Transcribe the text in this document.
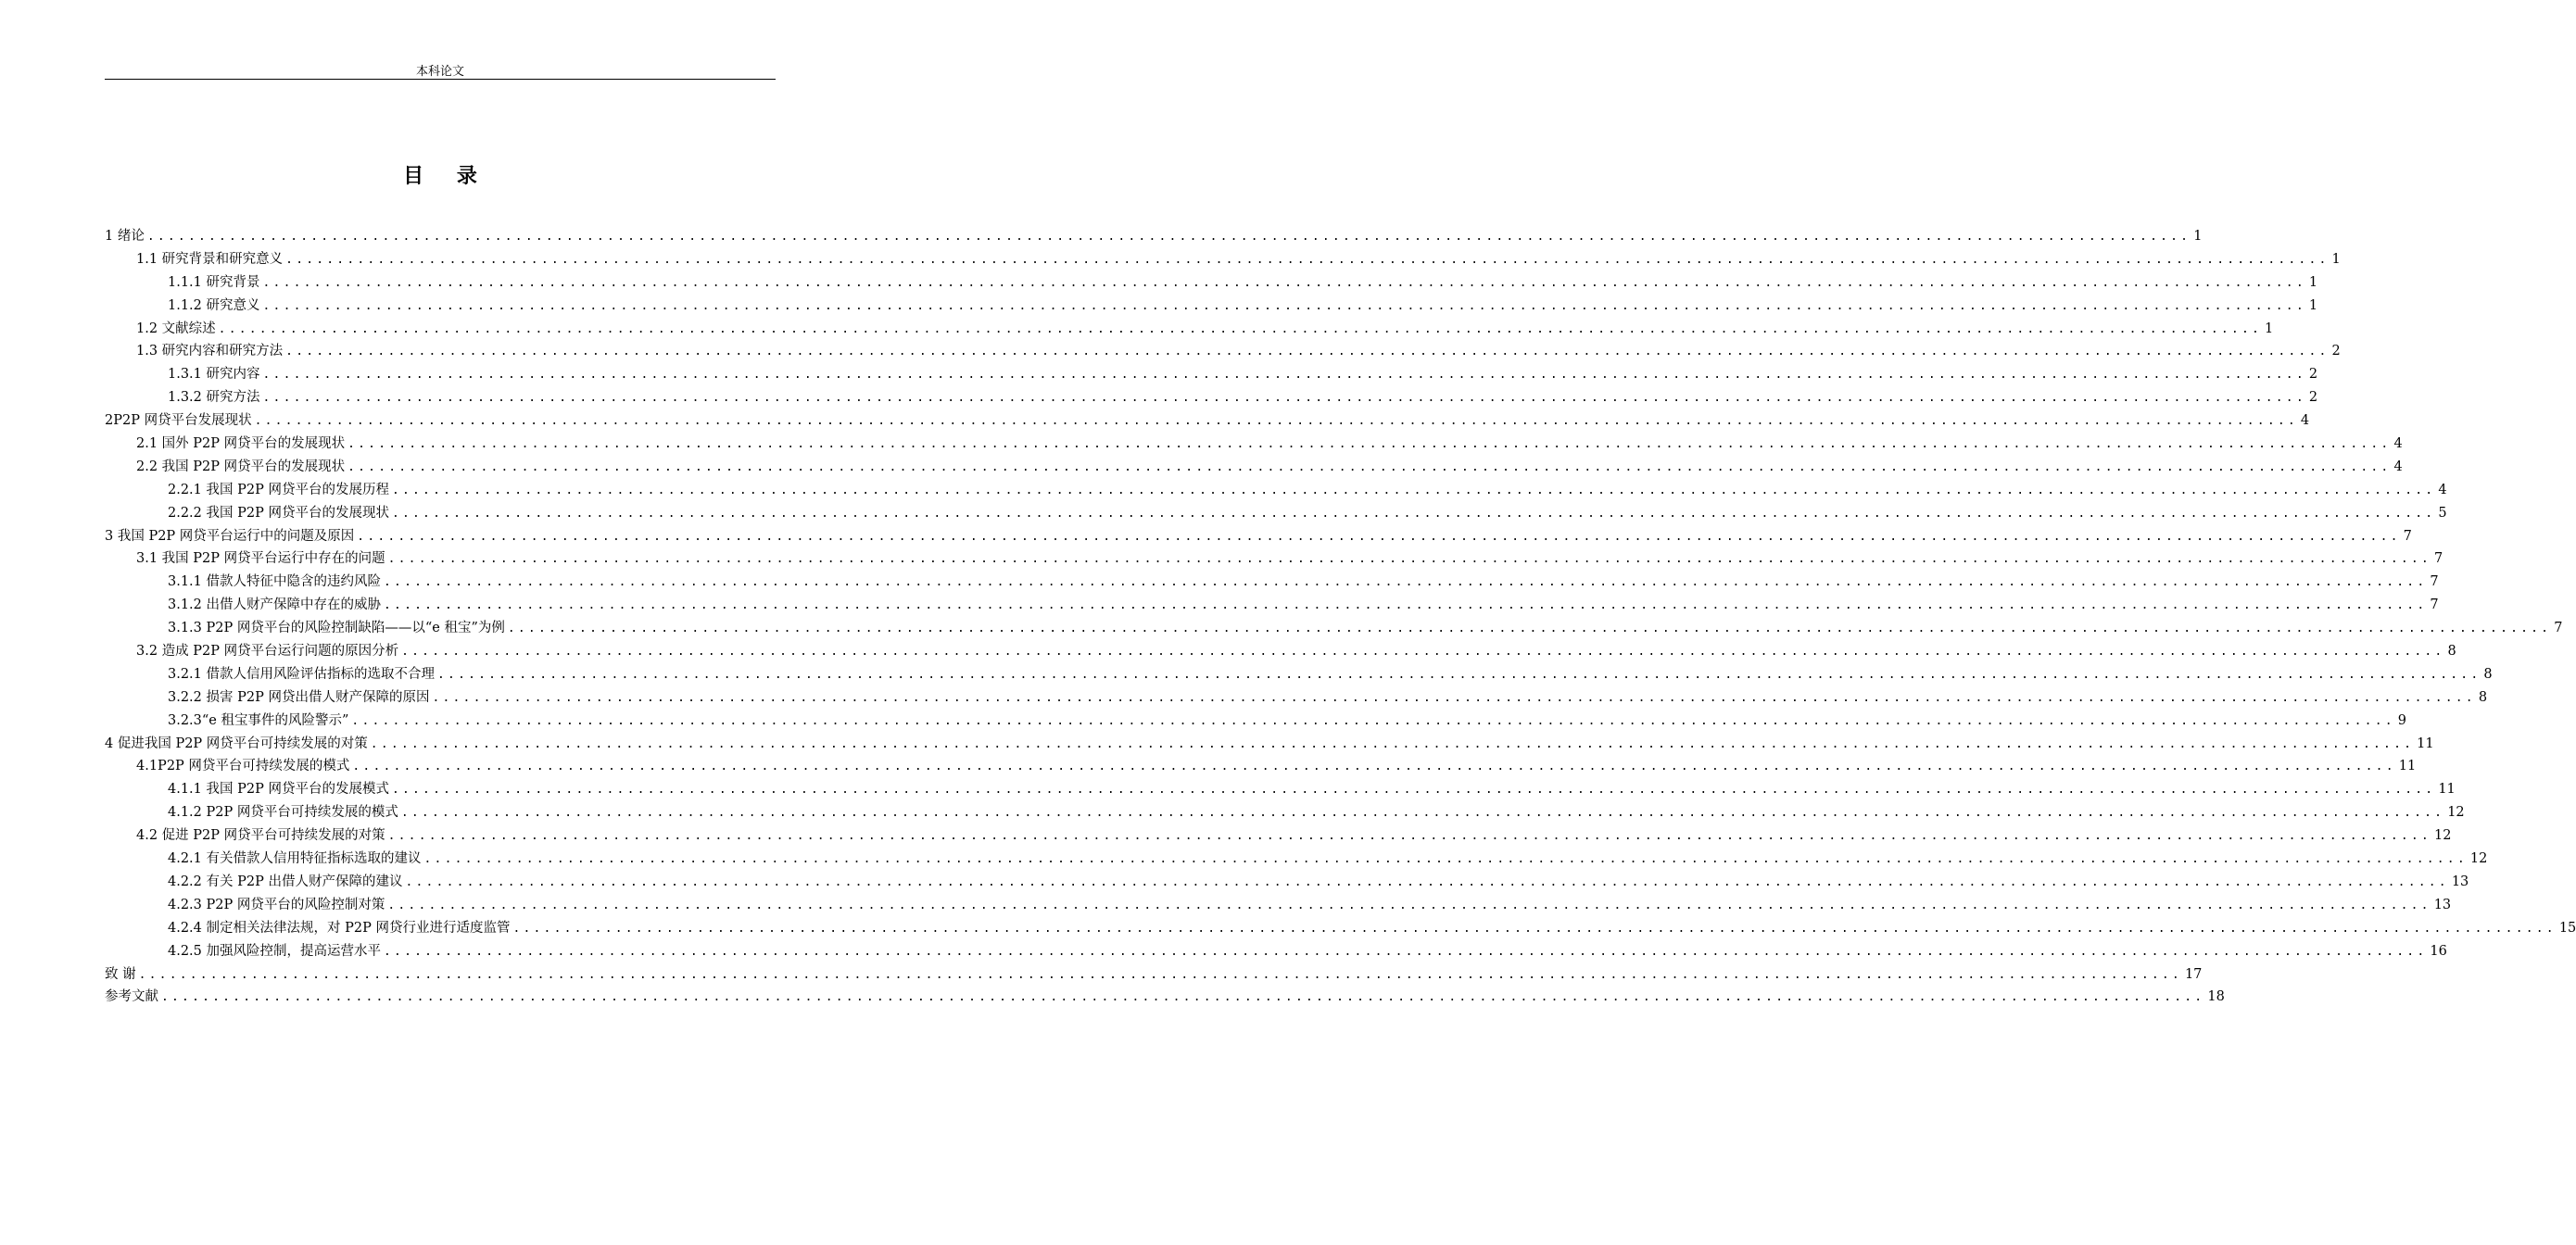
本科论文
目 录
1 绪论 ........................................................................................................................................................................................................ 1
1.1 研究背景和研究意义 ........................................................................................................................................................................................................ 1
1.1.1 研究背景 ........................................................................................................................................................................................................ 1
1.1.2 研究意义 ........................................................................................................................................................................................................ 1
1.2 文献综述 ........................................................................................................................................................................................................ 1
1.3 研究内容和研究方法 ........................................................................................................................................................................................................ 2
1.3.1 研究内容 ........................................................................................................................................................................................................ 2
1.3.2 研究方法 ........................................................................................................................................................................................................ 2
2P2P 网贷平台发展现状 ........................................................................................................................................................................................................ 4
2.1 国外 P2P 网贷平台的发展现状 ........................................................................................................................................................................................................ 4
2.2 我国 P2P 网贷平台的发展现状 ........................................................................................................................................................................................................ 4
2.2.1 我国 P2P 网贷平台的发展历程 ........................................................................................................................................................................................................ 4
2.2.2 我国 P2P 网贷平台的发展现状 ........................................................................................................................................................................................................ 5
3 我国 P2P 网贷平台运行中的问题及原因 ........................................................................................................................................................................................................ 7
3.1 我国 P2P 网贷平台运行中存在的问题 ........................................................................................................................................................................................................ 7
3.1.1 借款人特征中隐含的违约风险 ........................................................................................................................................................................................................ 7
3.1.2 出借人财产保障中存在的威胁 ........................................................................................................................................................................................................ 7
3.1.3 P2P 网贷平台的风险控制缺陷——以“e 租宝”为例 ........................................................................................................................................................................................................ 7
3.2 造成 P2P 网贷平台运行问题的原因分析 ........................................................................................................................................................................................................ 8
3.2.1 借款人信用风险评估指标的选取不合理 ........................................................................................................................................................................................................ 8
3.2.2 损害 P2P 网贷出借人财产保障的原因 ........................................................................................................................................................................................................ 8
3.2.3“e 租宝事件的风险警示” ........................................................................................................................................................................................................ 9
4 促进我国 P2P 网贷平台可持续发展的对策 ........................................................................................................................................................................................................ 11
4.1P2P 网贷平台可持续发展的模式 ........................................................................................................................................................................................................ 11
4.1.1 我国 P2P 网贷平台的发展模式 ........................................................................................................................................................................................................ 11
4.1.2 P2P 网贷平台可持续发展的模式 ........................................................................................................................................................................................................ 12
4.2 促进 P2P 网贷平台可持续发展的对策 ........................................................................................................................................................................................................ 12
4.2.1 有关借款人信用特征指标选取的建议 ........................................................................................................................................................................................................ 12
4.2.2 有关 P2P 出借人财产保障的建议 ........................................................................................................................................................................................................ 13
4.2.3 P2P 网贷平台的风险控制对策 ........................................................................................................................................................................................................ 13
4.2.4 制定相关法律法规，对 P2P 网贷行业进行适度监管 ........................................................................................................................................................................................................ 15
4.2.5 加强风险控制，提高运营水平 ........................................................................................................................................................................................................ 16
致 谢 ........................................................................................................................................................................................................ 17
参考文献 ........................................................................................................................................................................................................ 18
